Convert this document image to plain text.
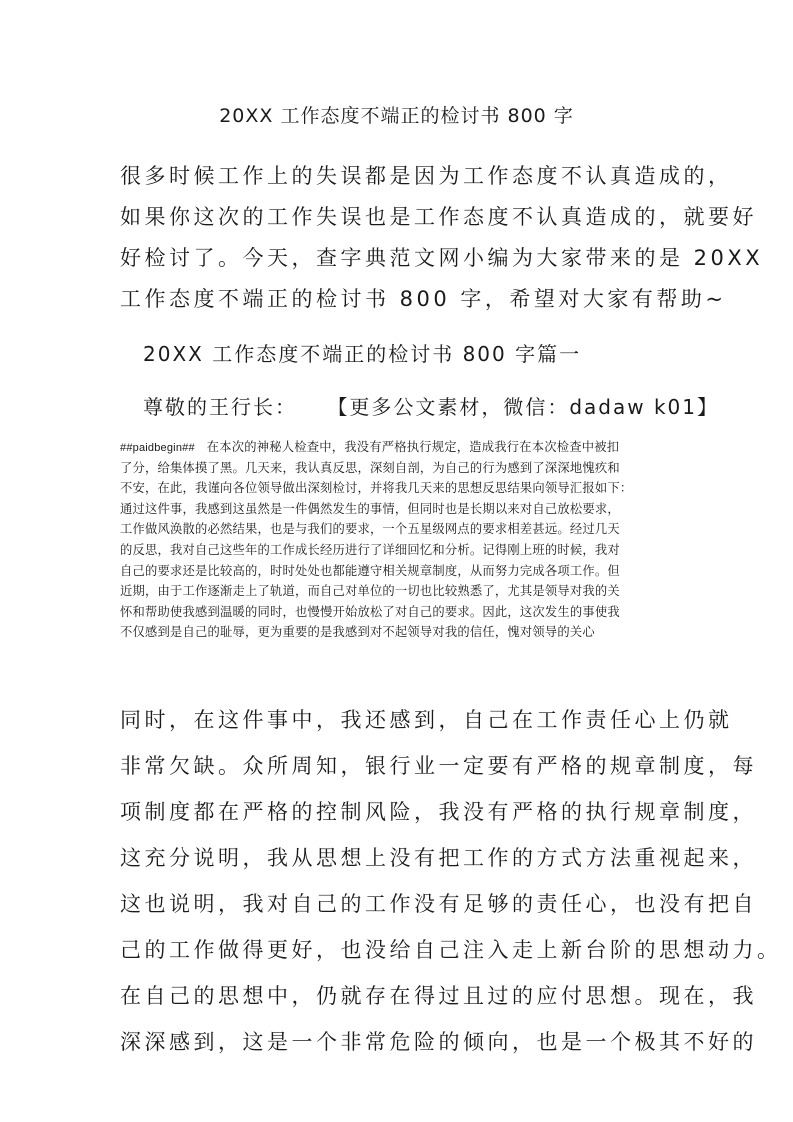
20XX 工作态度不端正的检讨书 800 字
很多时候工作上的失误都是因为工作态度不认真造成的，
如果你这次的工作失误也是工作态度不认真造成的，就要好
好检讨了。今天，查字典范文网小编为大家带来的是 20XX
工作态度不端正的检讨书 800 字，希望对大家有帮助~
20XX 工作态度不端正的检讨书 800 字篇一
尊敬的王行长： 【更多公文素材，微信：dadaw k01】
##paidbegin## 在本次的神秘人检查中，我没有严格执行规定，造成我行在本次检查中被扣
了分，给集体摸了黑。几天来，我认真反思，深刻自剖，为自己的行为感到了深深地愧疚和
不安，在此，我谨向各位领导做出深刻检讨，并将我几天来的思想反思结果向领导汇报如下：
通过这件事，我感到这虽然是一件偶然发生的事情，但同时也是长期以来对自己放松要求，
工作做风涣散的必然结果，也是与我们的要求，一个五星级网点的要求相差甚远。经过几天
的反思，我对自己这些年的工作成长经历进行了详细回忆和分析。记得刚上班的时候，我对
自己的要求还是比较高的，时时处处也都能遵守相关规章制度，从而努力完成各项工作。但
近期，由于工作逐渐走上了轨道，而自己对单位的一切也比较熟悉了，尤其是领导对我的关
怀和帮助使我感到温暖的同时，也慢慢开始放松了对自己的要求。因此，这次发生的事使我
不仅感到是自己的耻辱，更为重要的是我感到对不起领导对我的信任，愧对领导的关心
同时，在这件事中，我还感到，自己在工作责任心上仍就
非常欠缺。众所周知，银行业一定要有严格的规章制度，每
项制度都在严格的控制风险，我没有严格的执行规章制度，
这充分说明，我从思想上没有把工作的方式方法重视起来，
这也说明，我对自己的工作没有足够的责任心，也没有把自
己的工作做得更好，也没给自己注入走上新台阶的思想动力。
在自己的思想中，仍就存在得过且过的应付思想。现在，我
深深感到，这是一个非常危险的倾向，也是一个极其不好的
